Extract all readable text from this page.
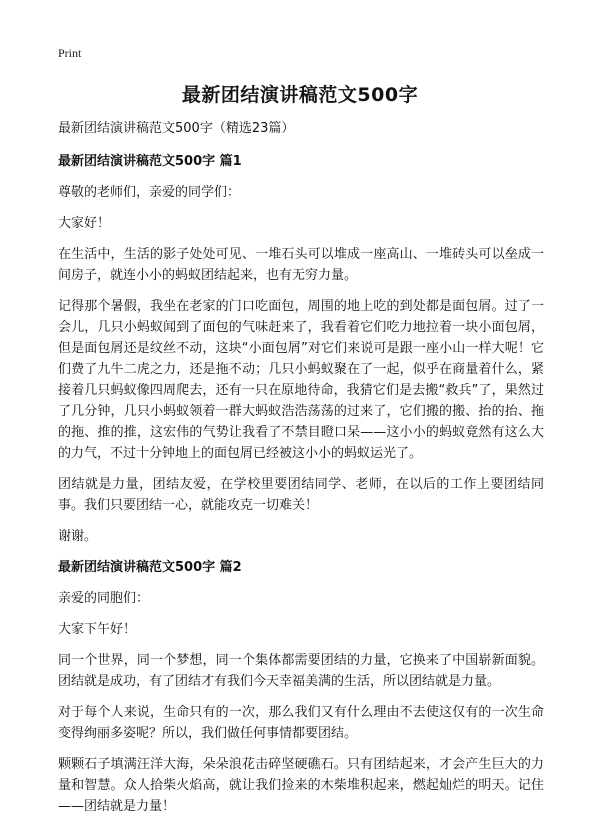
Print
最新团结演讲稿范文500字

最新团结演讲稿范文500字（精选23篇）

最新团结演讲稿范文500字 篇1

尊敬的老师们，亲爱的同学们：

大家好！

在生活中，生活的影子处处可见、一堆石头可以堆成一座高山、一堆砖头可以垒成一间房子，就连小小的蚂蚁团结起来，也有无穷力量。

记得那个暑假，我坐在老家的门口吃面包，周围的地上吃的到处都是面包屑。过了一会儿，几只小蚂蚁闻到了面包的气味赶来了，我看着它们吃力地拉着一块小面包屑，但是面包屑还是纹丝不动，这块“小面包屑”对它们来说可是跟一座小山一样大呢！它们费了九牛二虎之力，还是拖不动；几只小蚂蚁聚在了一起，似乎在商量着什么，紧接着几只蚂蚁像四周爬去，还有一只在原地待命，我猜它们是去搬“救兵”了，果然过了几分钟，几只小蚂蚁领着一群大蚂蚁浩浩荡荡的过来了，它们搬的搬、抬的抬、拖的拖、推的推，这宏伟的气势让我看了不禁目瞪口呆——这小小的蚂蚁竟然有这么大的力气，不过十分钟地上的面包屑已经被这小小的蚂蚁运光了。

团结就是力量，团结友爱，在学校里要团结同学、老师，在以后的工作上要团结同事。我们只要团结一心，就能攻克一切难关！

谢谢。

最新团结演讲稿范文500字 篇2

亲爱的同胞们：

大家下午好！

同一个世界，同一个梦想，同一个集体都需要团结的力量，它换来了中国崭新面貌。团结就是成功，有了团结才有我们今天幸福美满的生活，所以团结就是力量。

对于每个人来说，生命只有的一次，那么我们又有什么理由不去使这仅有的一次生命变得绚丽多姿呢？所以，我们做任何事情都要团结。

颗颗石子填满汪洋大海，朵朵浪花击碎坚硬礁石。只有团结起来，才会产生巨大的力量和智慧。众人拾柴火焰高，就让我们捡来的木柴堆积起来，燃起灿烂的明天。记住——团结就是力量！
